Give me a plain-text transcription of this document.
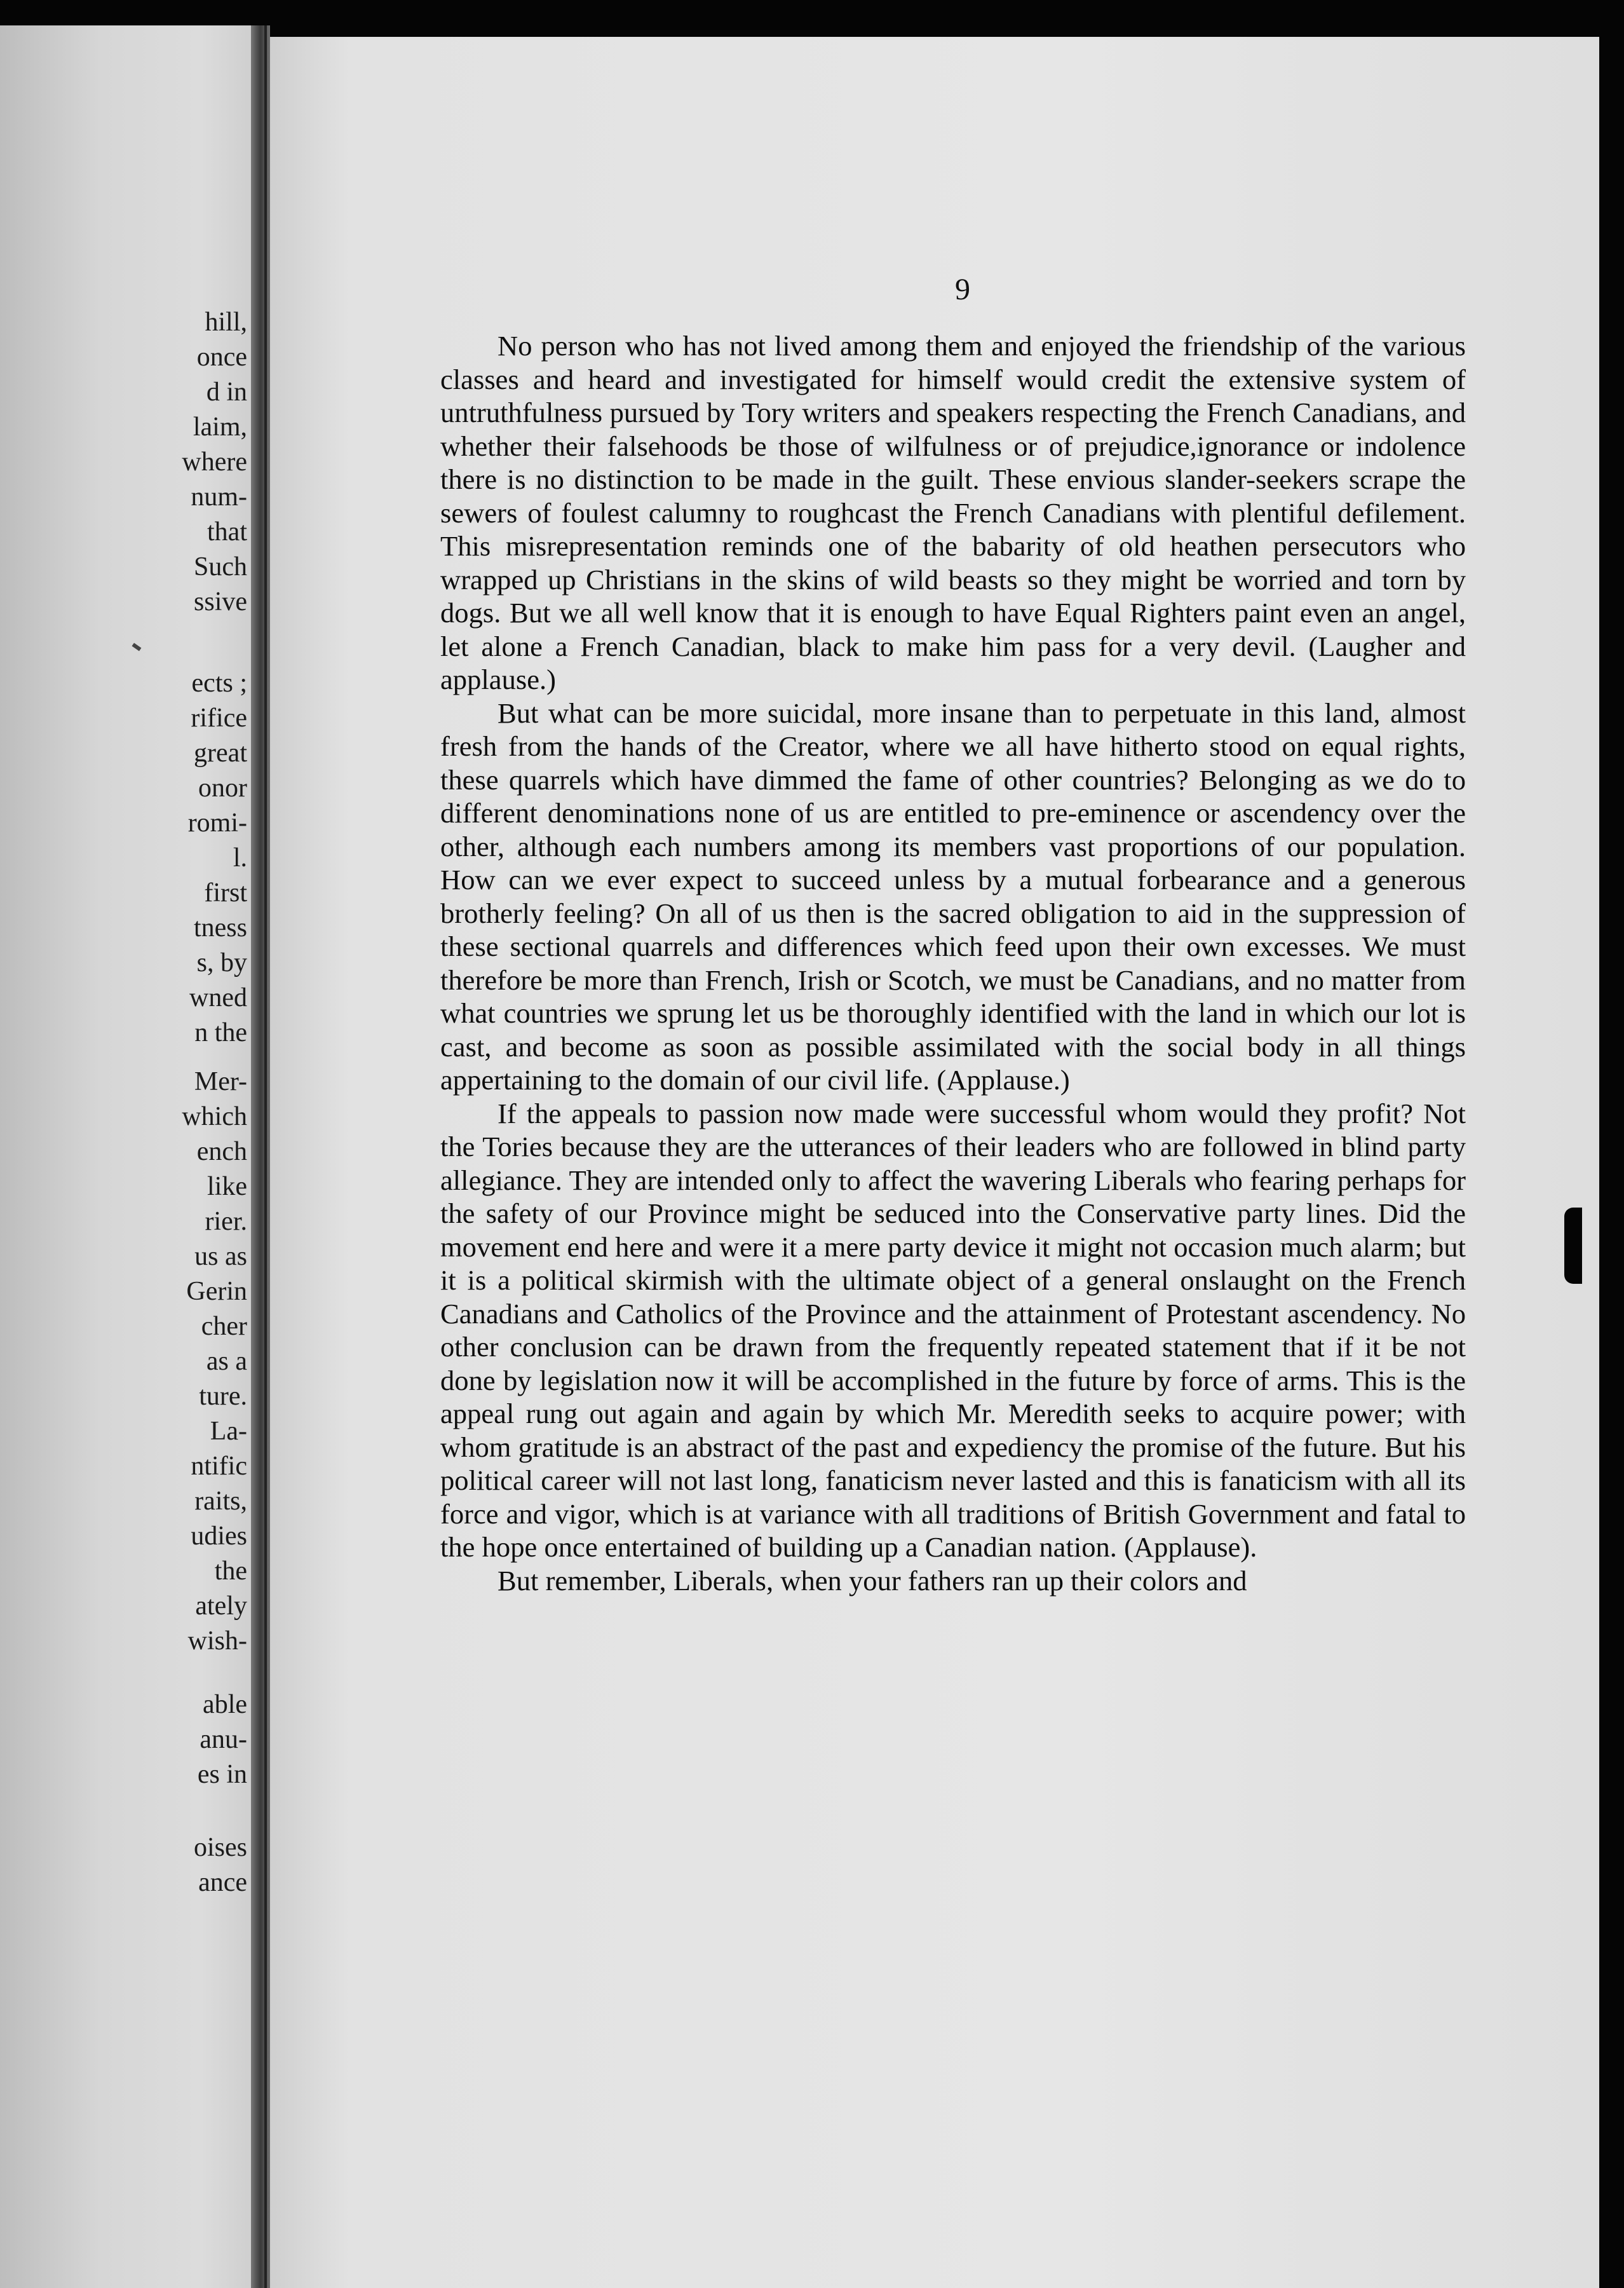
hill,
once
d in
laim,
where
num-
that
Such
ssive
ects ;
rifice
great
onor
romi-
l.
first
tness
s, by
wned
n the
Mer-
which
ench
like
rier.
us as
Gerin
cher
as a
ture.
La-
ntific
raits,
udies
the
ately
wish-
able
anu-
es in
oises
ance
9

No person who has not lived among them and enjoyed the friendship of the various classes and heard and investigated for himself would credit the extensive system of untruthfulness pursued by Tory writers and speakers respecting the French Canadians, and whether their falsehoods be those of wilfulness or of prejudice,ignorance or indolence there is no distinction to be made in the guilt. These envious slander-seekers scrape the sewers of foulest calumny to roughcast the French Canadians with plentiful defilement. This misrepresentation reminds one of the babarity of old heathen persecutors who wrapped up Christians in the skins of wild beasts so they might be worried and torn by dogs. But we all well know that it is enough to have Equal Righters paint even an angel, let alone a French Canadian, black to make him pass for a very devil. (Laugher and applause.)

But what can be more suicidal, more insane than to perpetuate in this land, almost fresh from the hands of the Creator, where we all have hitherto stood on equal rights, these quarrels which have dimmed the fame of other countries? Belonging as we do to different denominations none of us are entitled to pre-eminence or ascendency over the other, although each numbers among its members vast proportions of our population. How can we ever expect to succeed unless by a mutual forbearance and a generous brotherly feeling? On all of us then is the sacred obligation to aid in the suppression of these sectional quarrels and differences which feed upon their own excesses. We must therefore be more than French, Irish or Scotch, we must be Canadians, and no matter from what countries we sprung let us be thoroughly identified with the land in which our lot is cast, and become as soon as possible assimilated with the social body in all things appertaining to the domain of our civil life. (Applause.)

If the appeals to passion now made were successful whom would they profit? Not the Tories because they are the utterances of their leaders who are followed in blind party allegiance. They are intended only to affect the wavering Liberals who fearing perhaps for the safety of our Province might be seduced into the Conservative party lines. Did the movement end here and were it a mere party device it might not occasion much alarm; but it is a political skirmish with the ultimate object of a general onslaught on the French Canadians and Catholics of the Province and the attainment of Protestant ascendency. No other conclusion can be drawn from the frequently repeated statement that if it be not done by legislation now it will be accomplished in the future by force of arms. This is the appeal rung out again and again by which Mr. Meredith seeks to acquire power; with whom gratitude is an abstract of the past and expediency the promise of the future. But his political career will not last long, fanaticism never lasted and this is fanaticism with all its force and vigor, which is at variance with all traditions of British Government and fatal to the hope once entertained of building up a Canadian nation. (Applause).

But remember, Liberals, when your fathers ran up their colors and
